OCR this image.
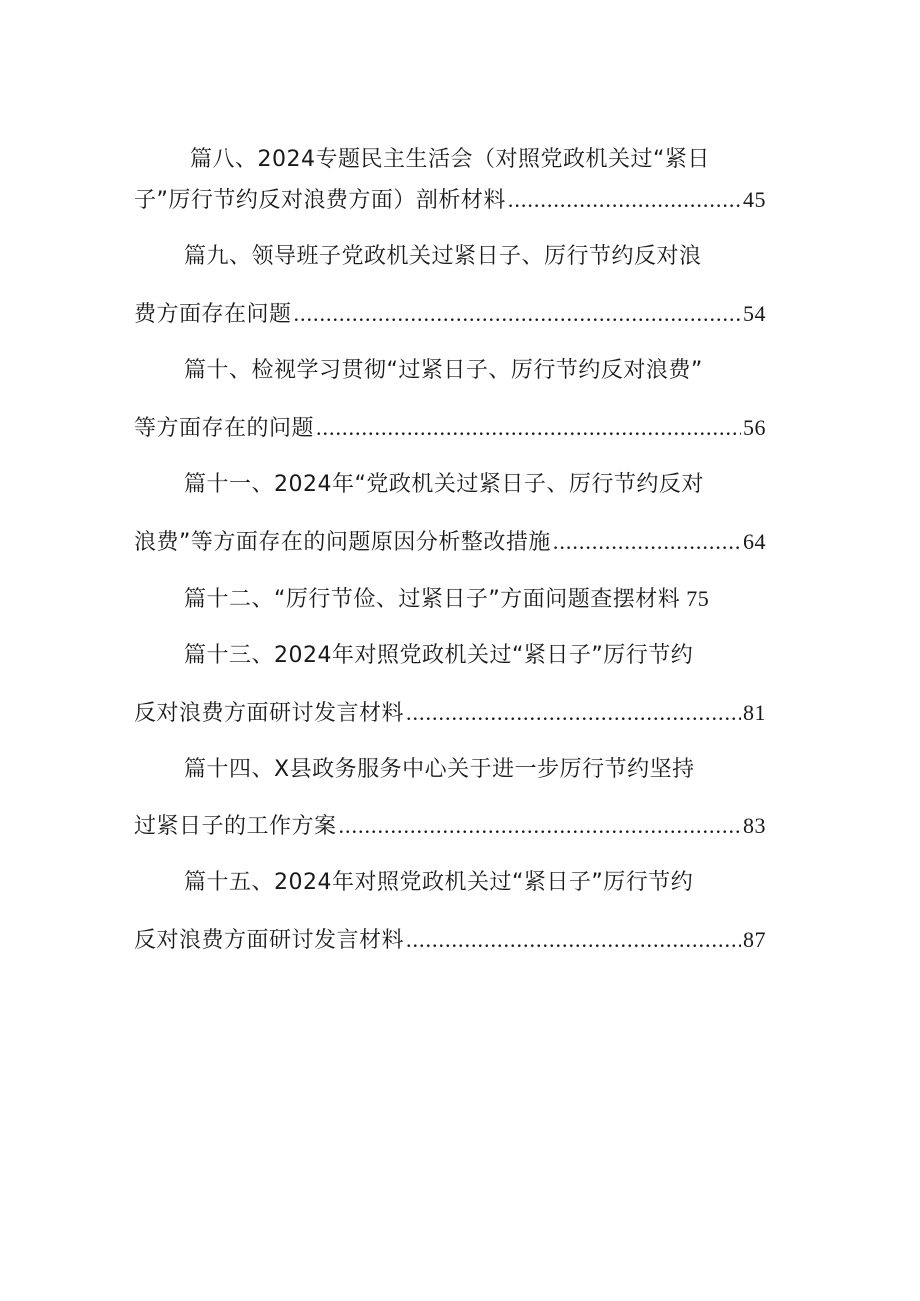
篇八、2024专题民主生活会（对照党政机关过“紧日
子”厉行节约反对浪费方面）剖析材料 .....	45
篇九、领导班子党政机关过紧日子、厉行节约反对浪
费方面存在问题 .....	54
篇十、检视学习贯彻“过紧日子、厉行节约反对浪费”
等方面存在的问题 .....	56
篇十一、2024年“党政机关过紧日子、厉行节约反对
浪费”等方面存在的问题原因分析整改措施 .....	64
篇十二、“厉行节俭、过紧日子”方面问题查摆材料 75
篇十三、2024年对照党政机关过“紧日子”厉行节约
反对浪费方面研讨发言材料 .....	81
篇十四、X县政务服务中心关于进一步厉行节约坚持
过紧日子的工作方案 .....	83
篇十五、2024年对照党政机关过“紧日子”厉行节约
反对浪费方面研讨发言材料 .....	87
